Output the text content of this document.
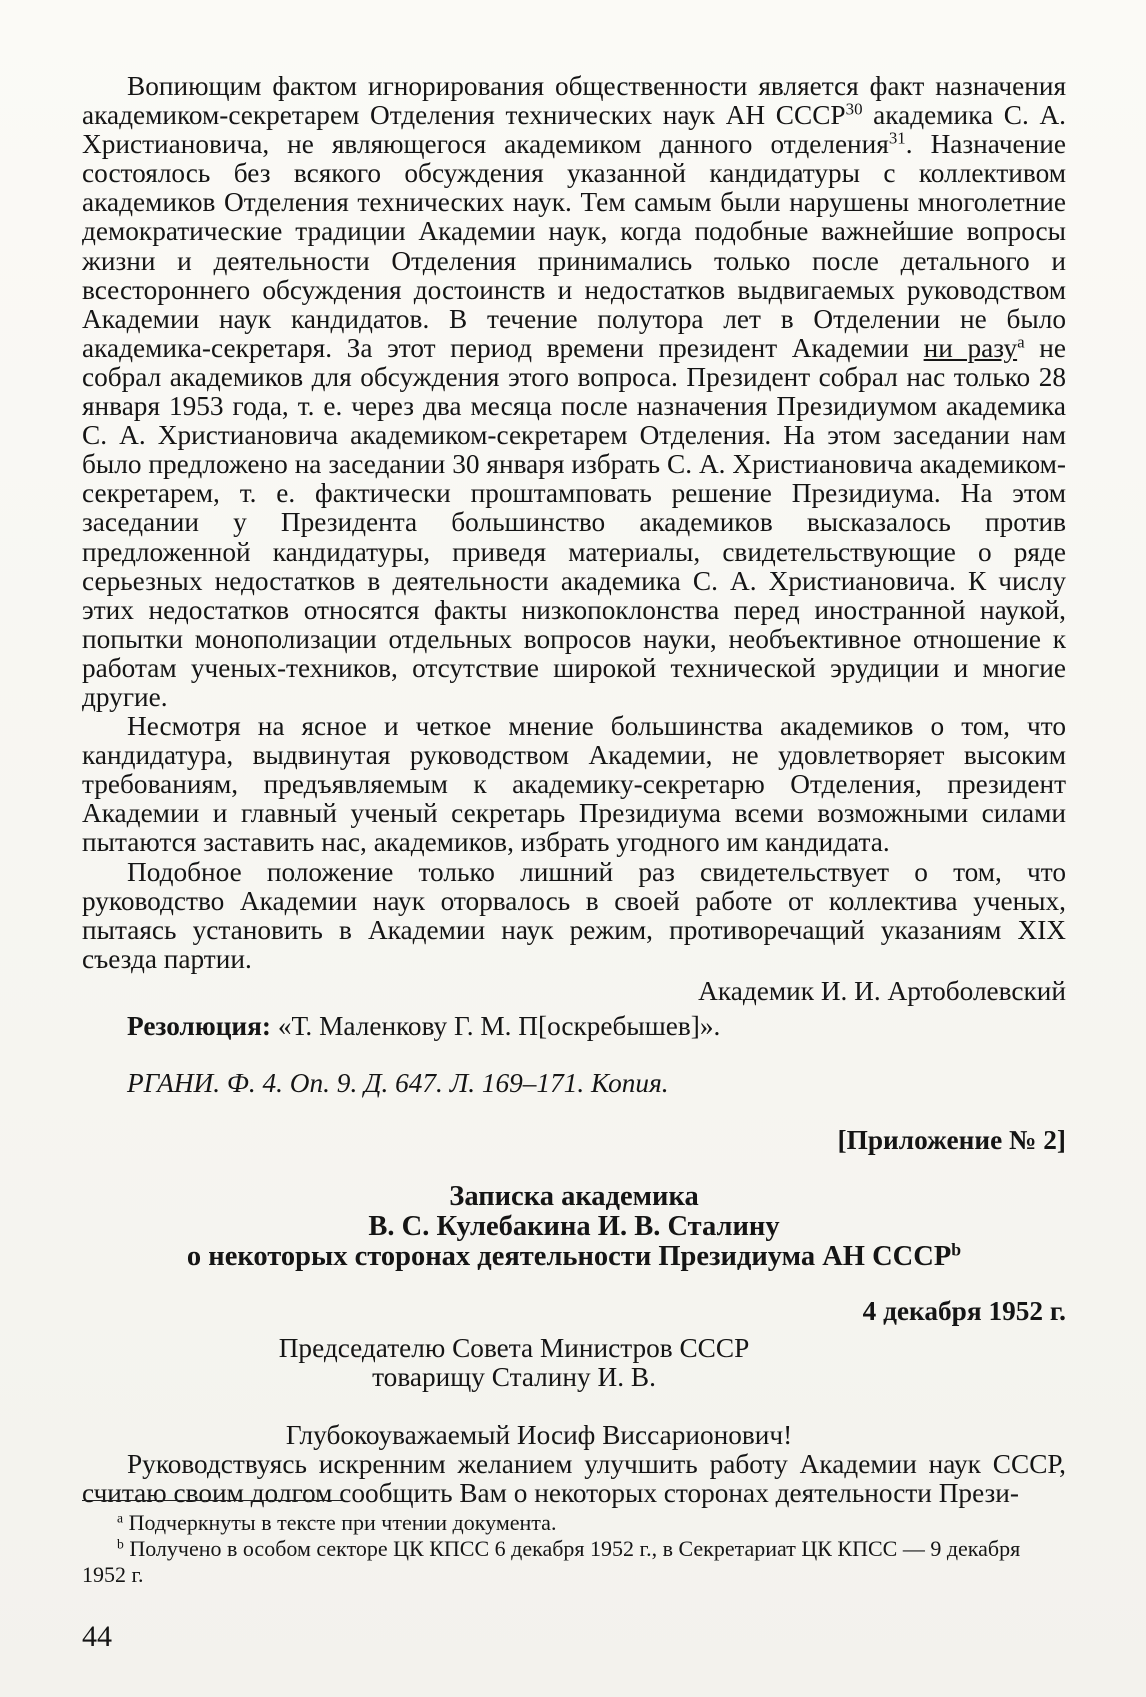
Вопиющим фактом игнорирования общественности является факт назначения академиком-секретарем Отделения технических наук АН СССР$^{30}$ академика С. А. Христиановича, не являющегося академиком данного отделения$^{31}$. Назначение состоялось без всякого обсуждения указанной кандидатуры с коллективом академиков Отделения технических наук. Тем самым были нарушены многолетние демократические традиции Академии наук, когда подобные важнейшие вопросы жизни и деятельности Отделения принимались только после детального и всестороннего обсуждения достоинств и недостатков выдвигаемых руководством Академии наук кандидатов. В течение полутора лет в Отделении не было академика-секретаря. За этот период времени президент Академии ни разу$^a$ не собрал академиков для обсуждения этого вопроса. Президент собрал нас только 28 января 1953 года, т. е. через два месяца после назначения Президиумом академика С. А. Христиановича академиком-секретарем Отделения. На этом заседании нам было предложено на заседании 30 января избрать С. А. Христиановича академиком-секретарем, т. е. фактически проштамповать решение Президиума. На этом заседании у Президента большинство академиков высказалось против предложенной кандидатуры, приведя материалы, свидетельствующие о ряде серьезных недостатков в деятельности академика С. А. Христиановича. К числу этих недостатков относятся факты низкопоклонства перед иностранной наукой, попытки монополизации отдельных вопросов науки, необъективное отношение к работам ученых-техников, отсутствие широкой технической эрудиции и многие другие.

Несмотря на ясное и четкое мнение большинства академиков о том, что кандидатура, выдвинутая руководством Академии, не удовлетворяет высоким требованиям, предъявляемым к академику-секретарю Отделения, президент Академии и главный ученый секретарь Президиума всеми возможными силами пытаются заставить нас, академиков, избрать угодного им кандидата.

Подобное положение только лишний раз свидетельствует о том, что руководство Академии наук оторвалось в своей работе от коллектива ученых, пытаясь установить в Академии наук режим, противоречащий указаниям XIX съезда партии.

Академик И. И. Артоболевский

Резолюция: «Т. Маленкову Г. М. П[оскребышев]».

РГАНИ. Ф. 4. Оп. 9. Д. 647. Л. 169–171. Копия.

[Приложение № 2]

Записка академика
В. С. Кулебакина И. В. Сталину
о некоторых сторонах деятельности Президиума АН СССР$^b$

4 декабря 1952 г.

Председателю Совета Министров СССР
товарищу Сталину И. В.

Глубокоуважаемый Иосиф Виссарионович!

Руководствуясь искренним желанием улучшить работу Академии наук СССР, считаю своим долгом сообщить Вам о некоторых сторонах деятельности Прези-

$^a$ Подчеркнуты в тексте при чтении документа.

$^b$ Получено в особом секторе ЦК КПСС 6 декабря 1952 г., в Секретариат ЦК КПСС — 9 декабря 1952 г.

44
